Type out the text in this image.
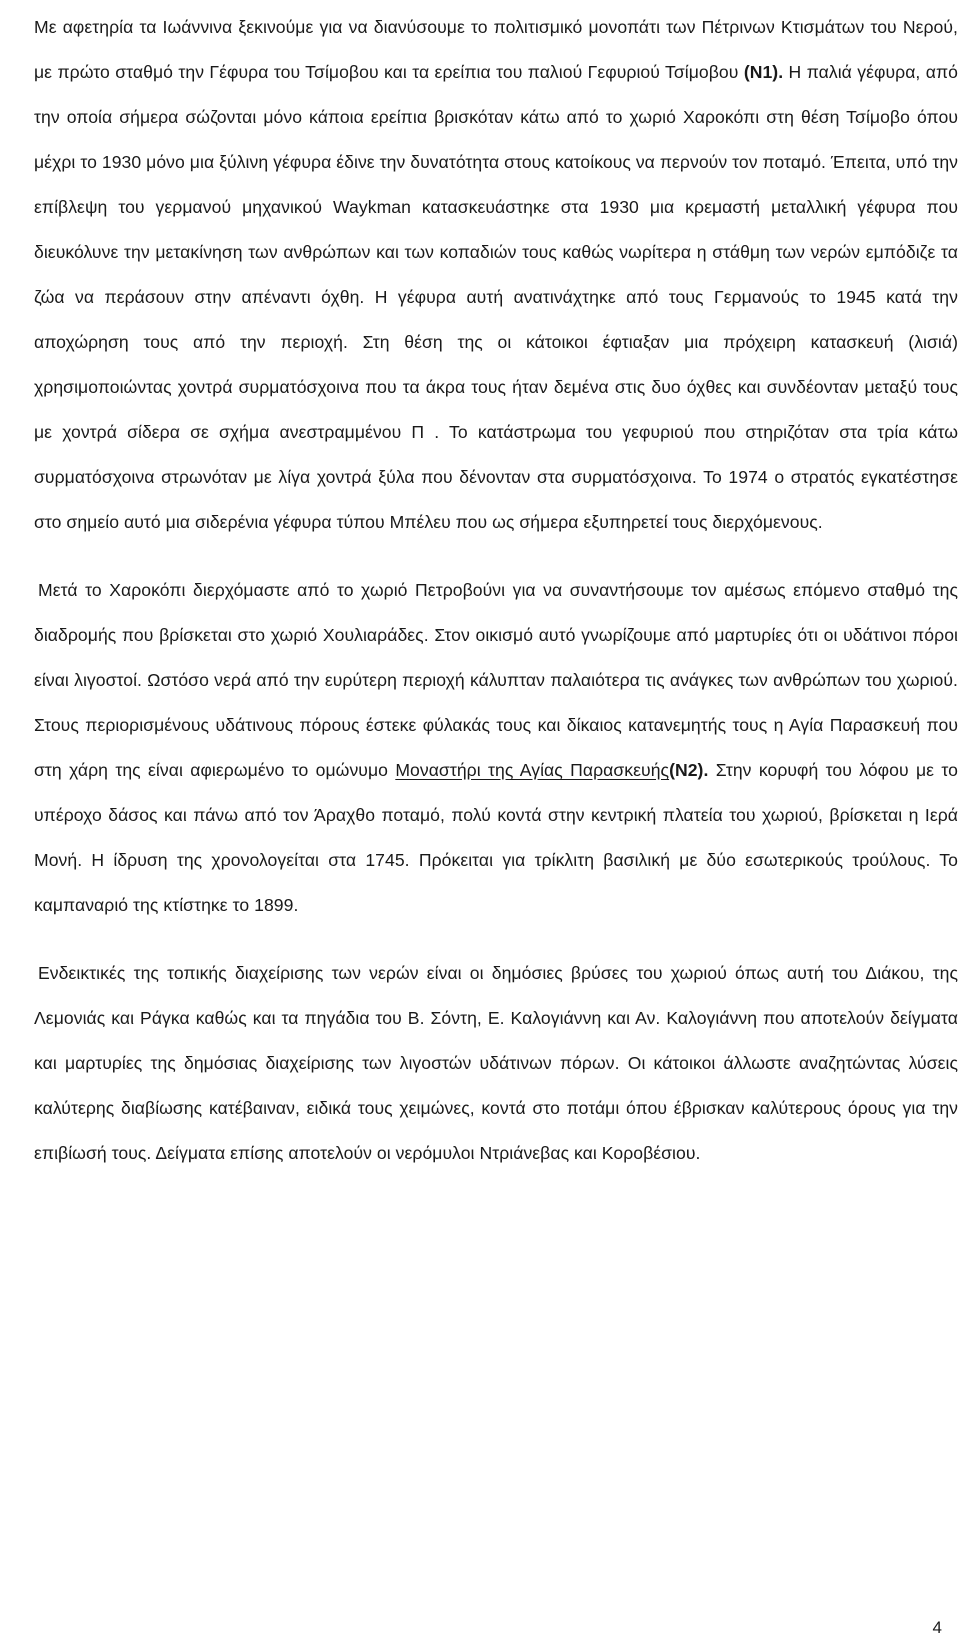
Με αφετηρία τα Ιωάννινα ξεκινούμε για να διανύσουμε το πολιτισμικό μονοπάτι των Πέτρινων Κτισμάτων του Νερού, με πρώτο σταθμό την Γέφυρα του Τσίμοβου και τα ερείπια του παλιού Γεφυριού Τσίμοβου (Ν1). Η παλιά γέφυρα, από την οποία σήμερα σώζονται μόνο κάποια ερείπια βρισκόταν κάτω από το χωριό Χαροκόπι στη θέση Τσίμοβο όπου μέχρι το 1930 μόνο μια ξύλινη γέφυρα έδινε την δυνατότητα στους κατοίκους να περνούν τον ποταμό. Έπειτα, υπό την επίβλεψη του γερμανού μηχανικού Waykman κατασκευάστηκε στα 1930 μια κρεμαστή μεταλλική γέφυρα που διευκόλυνε την μετακίνηση των ανθρώπων και των κοπαδιών τους καθώς νωρίτερα η στάθμη των νερών εμπόδιζε τα ζώα να περάσουν στην απέναντι όχθη. Η γέφυρα αυτή ανατινάχτηκε από τους Γερμανούς το 1945 κατά την αποχώρηση τους από την περιοχή. Στη θέση της οι κάτοικοι έφτιαξαν μια πρόχειρη κατασκευή (λισιά) χρησιμοποιώντας χοντρά συρματόσχοινα που τα άκρα τους ήταν δεμένα στις δυο όχθες και συνδέονταν μεταξύ τους με χοντρά σίδερα σε σχήμα ανεστραμμένου Π . Το κατάστρωμα του γεφυριού που στηριζόταν στα τρία κάτω συρματόσχοινα στρωνόταν με λίγα χοντρά ξύλα που δένονταν στα συρματόσχοινα. Το 1974 ο στρατός εγκατέστησε στο σημείο αυτό μια σιδερένια γέφυρα τύπου Μπέλευ που ως σήμερα εξυπηρετεί τους διερχόμενους.

Μετά το Χαροκόπι διερχόμαστε από το χωριό Πετροβούνι για να συναντήσουμε τον αμέσως επόμενο σταθμό της διαδρομής που βρίσκεται στο χωριό Χουλιαράδες. Στον οικισμό αυτό γνωρίζουμε από μαρτυρίες ότι οι υδάτινοι πόροι είναι λιγοστοί. Ωστόσο νερά από την ευρύτερη περιοχή κάλυπταν παλαιότερα τις ανάγκες των ανθρώπων του χωριού. Στους περιορισμένους υδάτινους πόρους έστεκε φύλακάς τους και δίκαιος κατανεμητής τους η Αγία Παρασκευή που στη χάρη της είναι αφιερωμένο το ομώνυμο Μοναστήρι της Αγίας Παρασκευής(Ν2). Στην κορυφή του λόφου με το υπέροχο δάσος και πάνω από τον Άραχθο ποταμό, πολύ κοντά στην κεντρική πλατεία του χωριού, βρίσκεται η Ιερά Μονή. Η ίδρυση της χρονολογείται στα 1745. Πρόκειται για τρίκλιτη βασιλική με δύο εσωτερικούς τρούλους. Το καμπαναριό της κτίστηκε το 1899.

Ενδεικτικές της τοπικής διαχείρισης των νερών είναι οι δημόσιες βρύσες του χωριού όπως αυτή του Διάκου, της Λεμονιάς και Ράγκα καθώς και τα πηγάδια του Β. Σόντη, Ε. Καλογιάννη και Αν. Καλογιάννη που αποτελούν δείγματα και μαρτυρίες της δημόσιας διαχείρισης των λιγοστών υδάτινων πόρων. Οι κάτοικοι άλλωστε αναζητώντας λύσεις καλύτερης διαβίωσης κατέβαιναν, ειδικά τους χειμώνες, κοντά στο ποτάμι όπου έβρισκαν καλύτερους όρους για την επιβίωσή τους. Δείγματα επίσης αποτελούν οι νερόμυλοι Ντριάνεβας και Κοροβέσιου.

4
